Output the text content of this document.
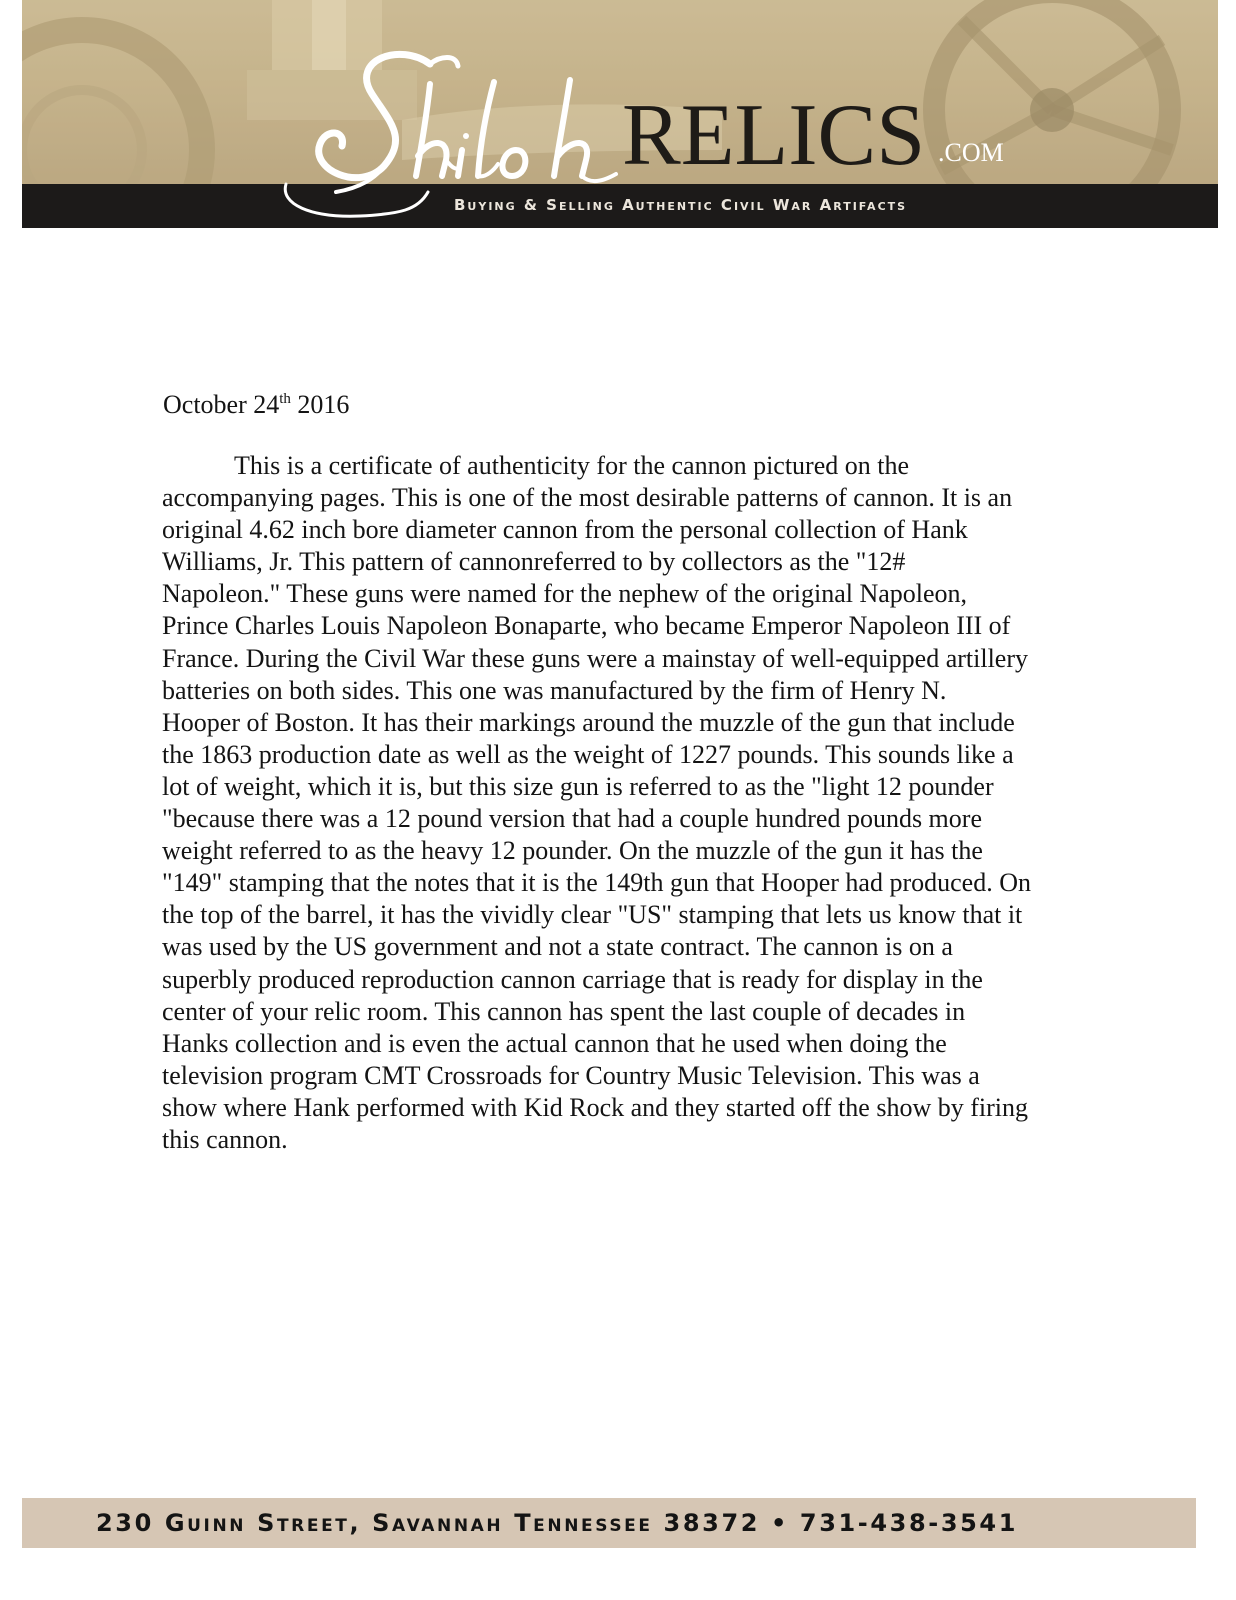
Buying & Selling Authentic Civil War Artifacts
RELICS .COM
October 24th 2016
This is a certificate of authenticity for the cannon pictured on the
accompanying pages. This is one of the most desirable patterns of cannon. It is an
original 4.62 inch bore diameter cannon from the personal collection of Hank
Williams, Jr. This pattern of cannonreferred to by collectors as the "12#
Napoleon." These guns were named for the nephew of the original Napoleon,
Prince Charles Louis Napoleon Bonaparte, who became Emperor Napoleon III of
France. During the Civil War these guns were a mainstay of well-equipped artillery
batteries on both sides. This one was manufactured by the firm of Henry N.
Hooper of Boston. It has their markings around the muzzle of the gun that include
the 1863 production date as well as the weight of 1227 pounds. This sounds like a
lot of weight, which it is, but this size gun is referred to as the "light 12 pounder
"because there was a 12 pound version that had a couple hundred pounds more
weight referred to as the heavy 12 pounder. On the muzzle of the gun it has the
"149" stamping that the notes that it is the 149th gun that Hooper had produced. On
the top of the barrel, it has the vividly clear "US" stamping that lets us know that it
was used by the US government and not a state contract. The cannon is on a
superbly produced reproduction cannon carriage that is ready for display in the
center of your relic room. This cannon has spent the last couple of decades in
Hanks collection and is even the actual cannon that he used when doing the
television program CMT Crossroads for Country Music Television. This was a
show where Hank performed with Kid Rock and they started off the show by firing
this cannon.
230 Guinn Street, Savannah Tennessee 38372 • 731-438-3541
